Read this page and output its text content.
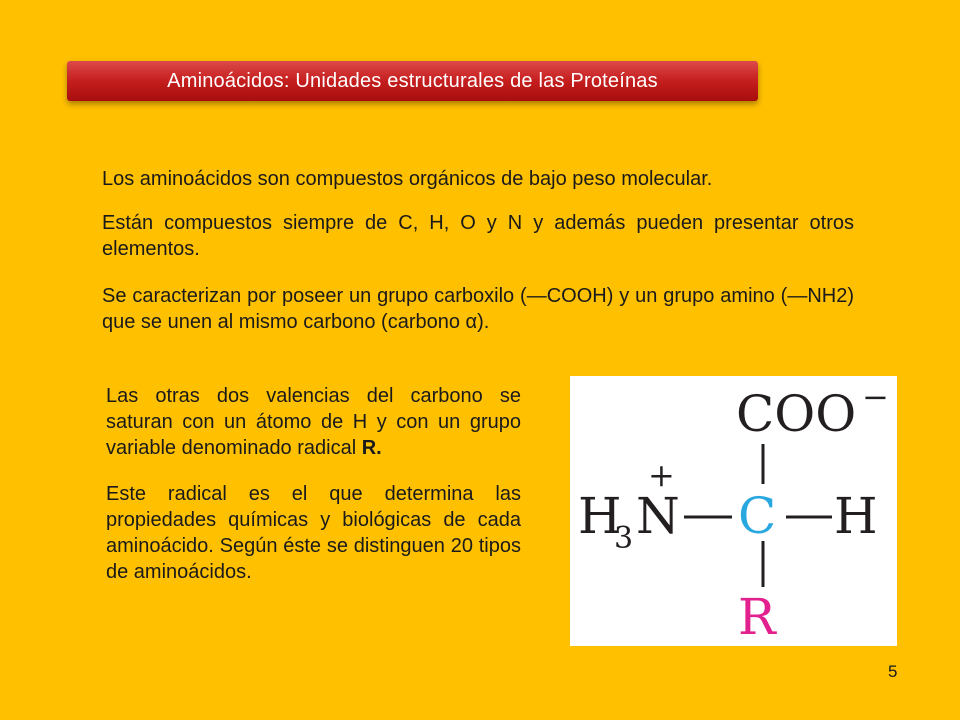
Aminoácidos: Unidades estructurales de las Proteínas

Los aminoácidos son compuestos orgánicos de bajo peso molecular.

Están compuestos siempre de C, H, O y N y además pueden presentar otros elementos.

Se caracterizan por poseer un grupo carboxilo (—COOH) y un grupo amino (—NH2) que se unen al mismo carbono (carbono α).

Las otras dos valencias del carbono se saturan con un átomo de H y con un grupo variable denominado radical R.

Este radical es el que determina las propiedades químicas y biológicas de cada aminoácido. Según éste se distinguen 20 tipos de aminoácidos.

COO −
+
H
3 N C H
R
5
